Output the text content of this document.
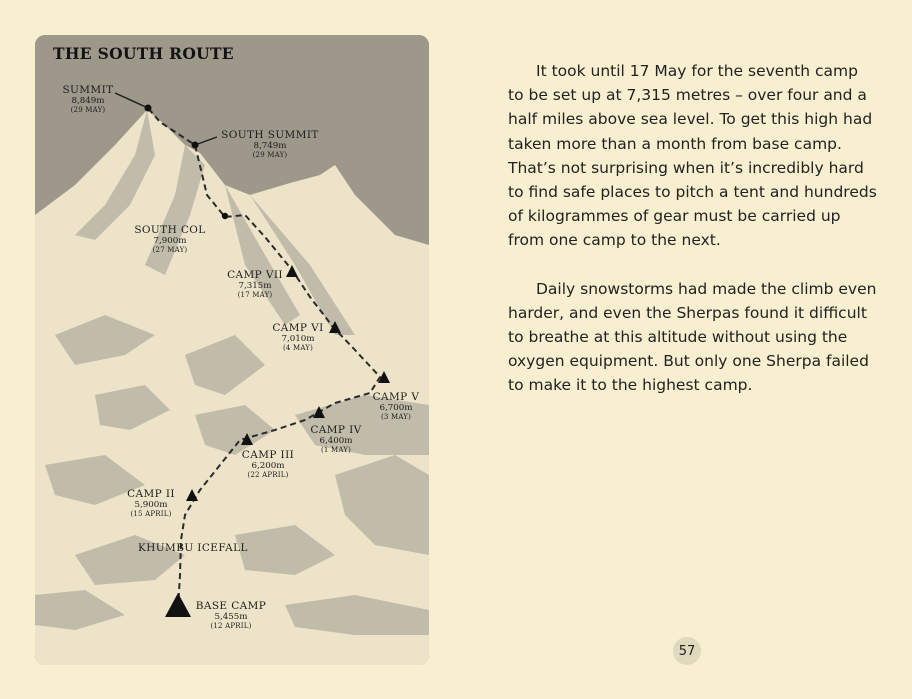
THE SOUTH ROUTE
SUMMIT
8,849m
(29 MAY)
SOUTH SUMMIT
8,749m
(29 MAY)
SOUTH COL
7,900m
(27 MAY)
CAMP VII
7,315m
(17 MAY)
CAMP VI
7,010m
(4 MAY)
CAMP V
6,700m
(3 MAY)
CAMP IV
6,400m
(1 MAY)
CAMP III
6,200m
(22 APRIL)
CAMP II
5,900m
(15 APRIL)
KHUMBU ICEFALL
BASE CAMP
5,455m
(12 APRIL)

It took until 17 May for the seventh camp to be set up at 7,315 metres – over four and a half miles above sea level. To get this high had taken more than a month from base camp. That’s not surprising when it’s incredibly hard to find safe places to pitch a tent and hundreds of kilogrammes of gear must be carried up from one camp to the next.

Daily snowstorms had made the climb even harder, and even the Sherpas found it difficult to breathe at this altitude without using the oxygen equipment. But only one Sherpa failed to make it to the highest camp.

57
